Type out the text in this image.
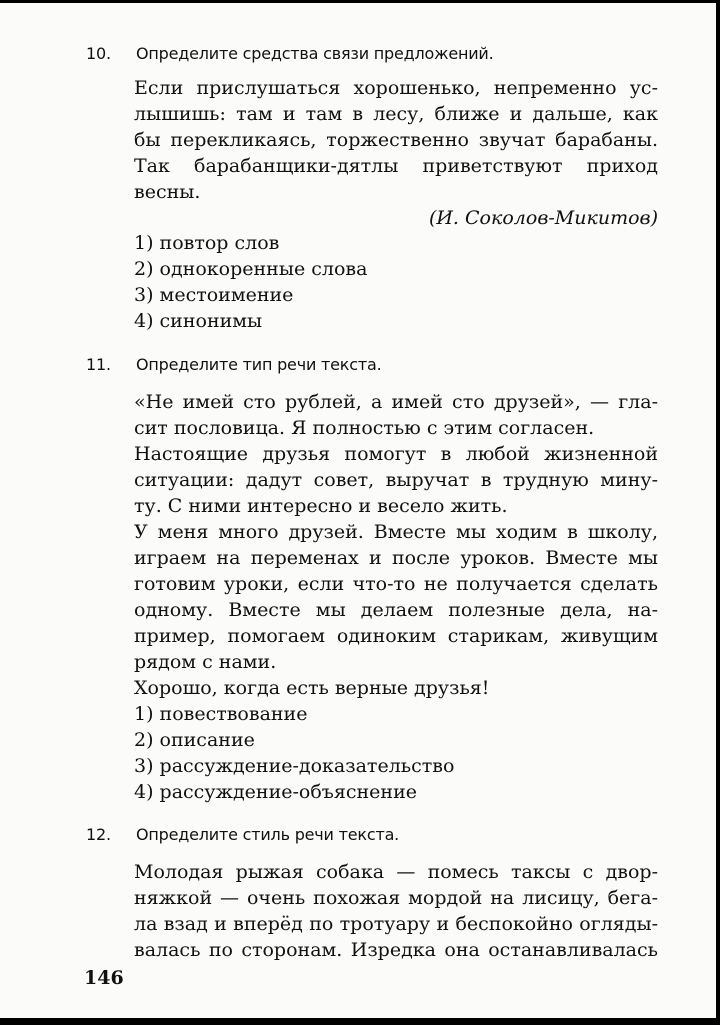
10. Определите средства связи предложений.
Если прислушаться хорошенько, непременно ус-
лышишь: там и там в лесу, ближе и дальше, как
бы перекликаясь, торжественно звучат барабаны.
Так барабанщики-дятлы приветствуют приход
весны.
(И. Соколов-Микитов)
1) повтор слов
2) однокоренные слова
3) местоимение
4) синонимы
11. Определите тип речи текста.
«Не имей сто рублей, а имей сто друзей», — гла-
сит пословица. Я полностью с этим согласен.
Настоящие друзья помогут в любой жизненной
ситуации: дадут совет, выручат в трудную мину-
ту. С ними интересно и весело жить.
У меня много друзей. Вместе мы ходим в школу,
играем на переменах и после уроков. Вместе мы
готовим уроки, если что-то не получается сделать
одному. Вместе мы делаем полезные дела, на-
пример, помогаем одиноким старикам, живущим
рядом с нами.
Хорошо, когда есть верные друзья!
1) повествование
2) описание
3) рассуждение-доказательство
4) рассуждение-объяснение
12. Определите стиль речи текста.
Молодая рыжая собака — помесь таксы с двор-
няжкой — очень похожая мордой на лисицу, бега-
ла взад и вперёд по тротуару и беспокойно огляды-
валась по сторонам. Изредка она останавливалась
146
